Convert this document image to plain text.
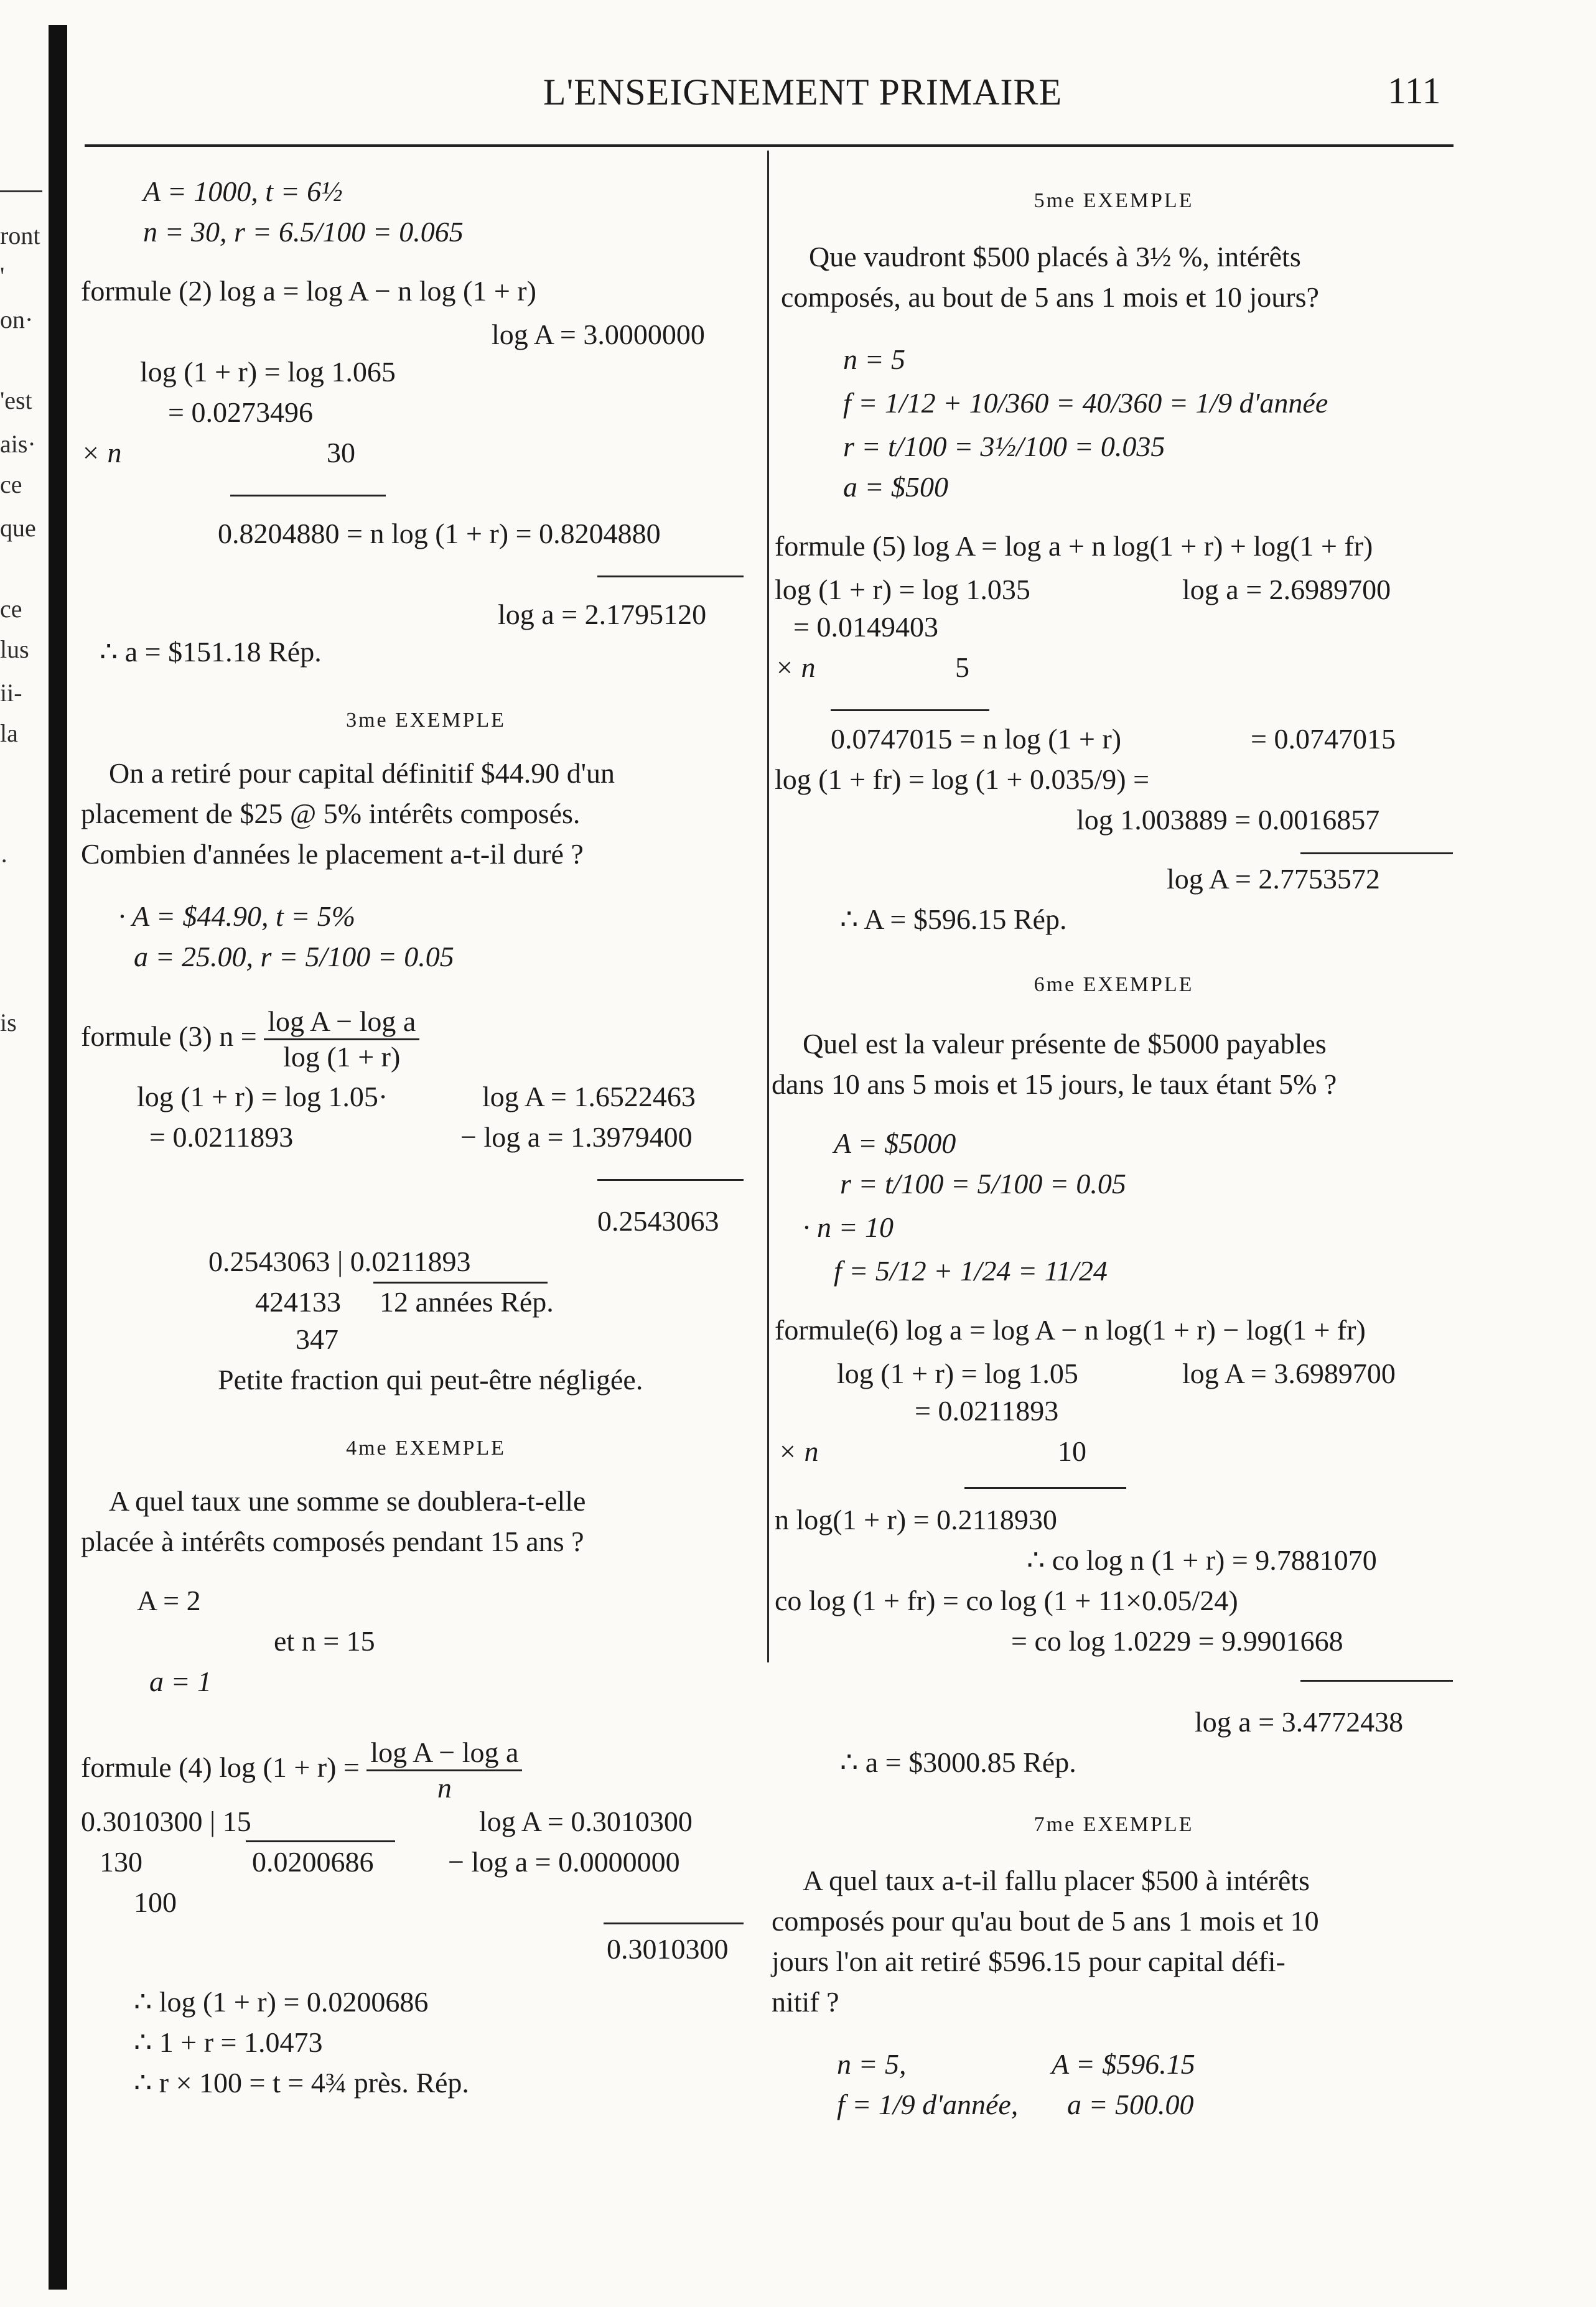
ront
'
on·
'est
ais·
ce
que
ce
lus
ii-
la
·
is
L'ENSEIGNEMENT PRIMAIRE	111
A = 1000, t = 6½
n = 30, r = 6.5/100 = 0.065
formule (2) log a = log A − n log (1 + r)
log A = 3.0000000
log (1 + r) = log 1.065
= 0.0273496
× n	30
0.8204880 = n log (1 + r) = 0.8204880
log a = 2.1795120
∴ a = $151.18 Rép.
3me EXEMPLE
On a retiré pour capital définitif $44.90 d'un
placement de $25 @ 5% intérêts composés.
Combien d'années le placement a-t-il duré ?
· A = $44.90, t = 5%
a = 25.00, r = 5/100 = 0.05
formule (3) $n = \frac{\text{log A − log a}}{\log (1 + r)}$
log (1 + r) = log 1.05·	log A = 1.6522463
= 0.0211893	− log a = 1.3979400
0.2543063
0.2543063 | 0.0211893
424133 12 années Rép.
347
Petite fraction qui peut-être négligée.
4me EXEMPLE
A quel taux une somme se doublera-t-elle
placée à intérêts composés pendant 15 ans ?
A = 2
et n = 15
a = 1
formule (4) $\log (1 + r) = \frac{\text{log A − log a}}{n}$
0.3010300 | 15	log A = 0.3010300
130	0.0200686	− log a = 0.0000000
100
0.3010300
∴ log (1 + r) = 0.0200686
∴ 1 + r = 1.0473
∴ r × 100 = t = 4¾ près. Rép.
5me EXEMPLE
Que vaudront $500 placés à 3½ %, intérêts
composés, au bout de 5 ans 1 mois et 10 jours?
n = 5
f = 1/12 + 10/360 = 40/360 = 1/9 d'année
r = t/100 = 3½/100 = 0.035
a = $500
formule (5) log A = log a + n log(1 + r) + log(1 + fr)
log (1 + r) = log 1.035	log a = 2.6989700
= 0.0149403
× n	5
0.0747015 = n log (1 + r)	= 0.0747015
log (1 + fr) = log (1 + 0.035/9) =
log 1.003889 = 0.0016857
log A = 2.7753572
∴ A = $596.15 Rép.
6me EXEMPLE
Quel est la valeur présente de $5000 payables
dans 10 ans 5 mois et 15 jours, le taux étant 5% ?
A = $5000
r = t/100 = 5/100 = 0.05
· n = 10
f = 5/12 + 1/24 = 11/24
formule(6) log a = log A − n log(1 + r) − log(1 + fr)
log (1 + r) = log 1.05	log A = 3.6989700
= 0.0211893
× n	10
n log(1 + r) = 0.2118930
∴ co log n (1 + r) = 9.7881070
co log (1 + fr) = co log (1 + 11×0.05/24)
= co log 1.0229 = 9.9901668
log a = 3.4772438
∴ a = $3000.85 Rép.
7me EXEMPLE
A quel taux a-t-il fallu placer $500 à intérêts
composés pour qu'au bout de 5 ans 1 mois et 10
jours l'on ait retiré $596.15 pour capital défi-
nitif ?
n = 5,	A = $596.15
f = 1/9 d'année, a = 500.00
